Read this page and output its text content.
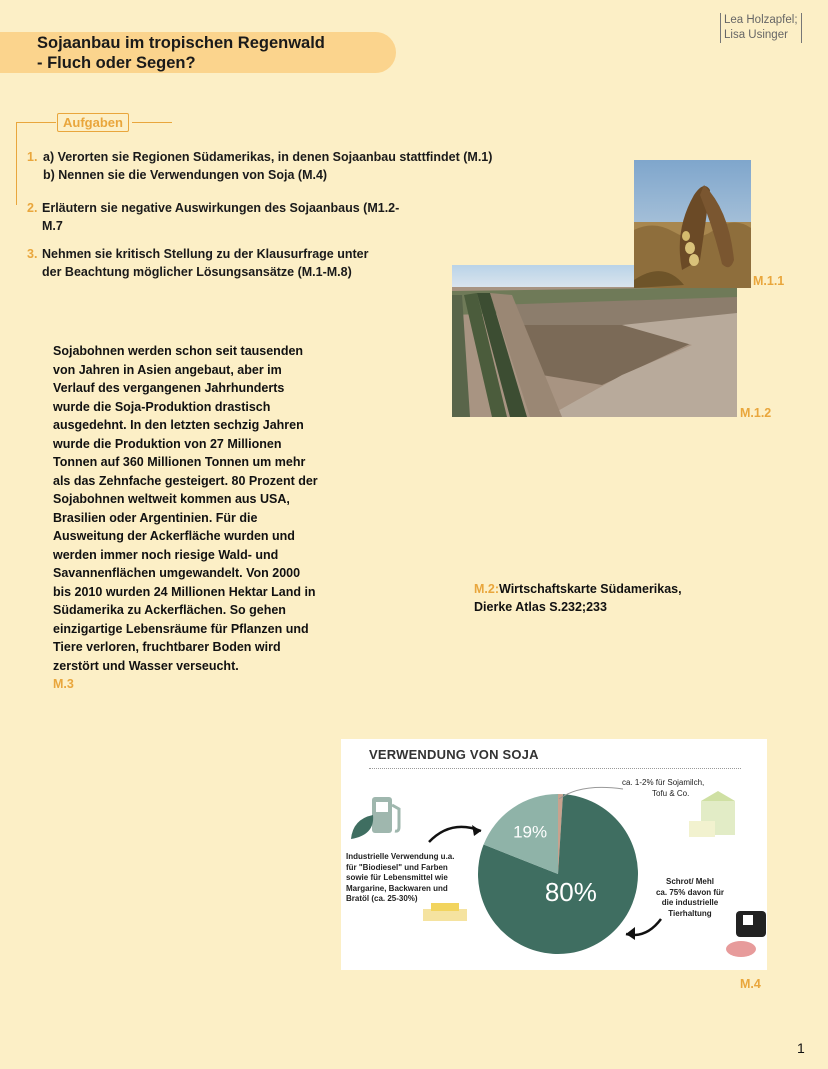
Sojaanbau im tropischen Regenwald
- Fluch oder Segen?
Lea Holzapfel;
Lisa Usinger
Aufgaben
1. a) Verorten sie Regionen Südamerikas, in denen Sojaanbau stattfindet (M.1)
b) Nennen sie die Verwendungen von Soja (M.4)
2. Erläutern sie negative Auswirkungen des Sojaanbaus (M1.2-
M.7
3. Nehmen sie kritisch Stellung zu der Klausurfrage unter
der Beachtung möglicher Lösungsansätze (M.1-M.8)
M.1.1
M.1.2
Sojabohnen werden schon seit tausenden
von Jahren in Asien angebaut, aber im
Verlauf des vergangenen Jahrhunderts
wurde die Soja-Produktion drastisch
ausgedehnt. In den letzten sechzig Jahren
wurde die Produktion von 27 Millionen
Tonnen auf 360 Millionen Tonnen um mehr
als das Zehnfache gesteigert. 80 Prozent der
Sojabohnen weltweit kommen aus USA,
Brasilien oder Argentinien. Für die
Ausweitung der Ackerfläche wurden und
werden immer noch riesige Wald- und
Savannenflächen umgewandelt. Von 2000
bis 2010 wurden 24 Millionen Hektar Land in
Südamerika zu Ackerflächen. So gehen
einzigartige Lebensräume für Pflanzen und
Tiere verloren, fruchtbarer Boden wird
zerstört und Wasser verseucht.
M.3
M.2:Wirtschaftskarte Südamerikas,
Dierke Atlas S.232;233
VERWENDUNG VON SOJA
80%
19%
ca. 1-2% für Sojamilch,
Tofu & Co.
Industrielle Verwendung u.a.
für "Biodiesel" und Farben
sowie für Lebensmittel wie
Margarine, Backwaren und
Bratöl (ca. 25-30%)
Schrot/ Mehl
ca. 75% davon für
die industrielle
Tierhaltung
M.4
1
